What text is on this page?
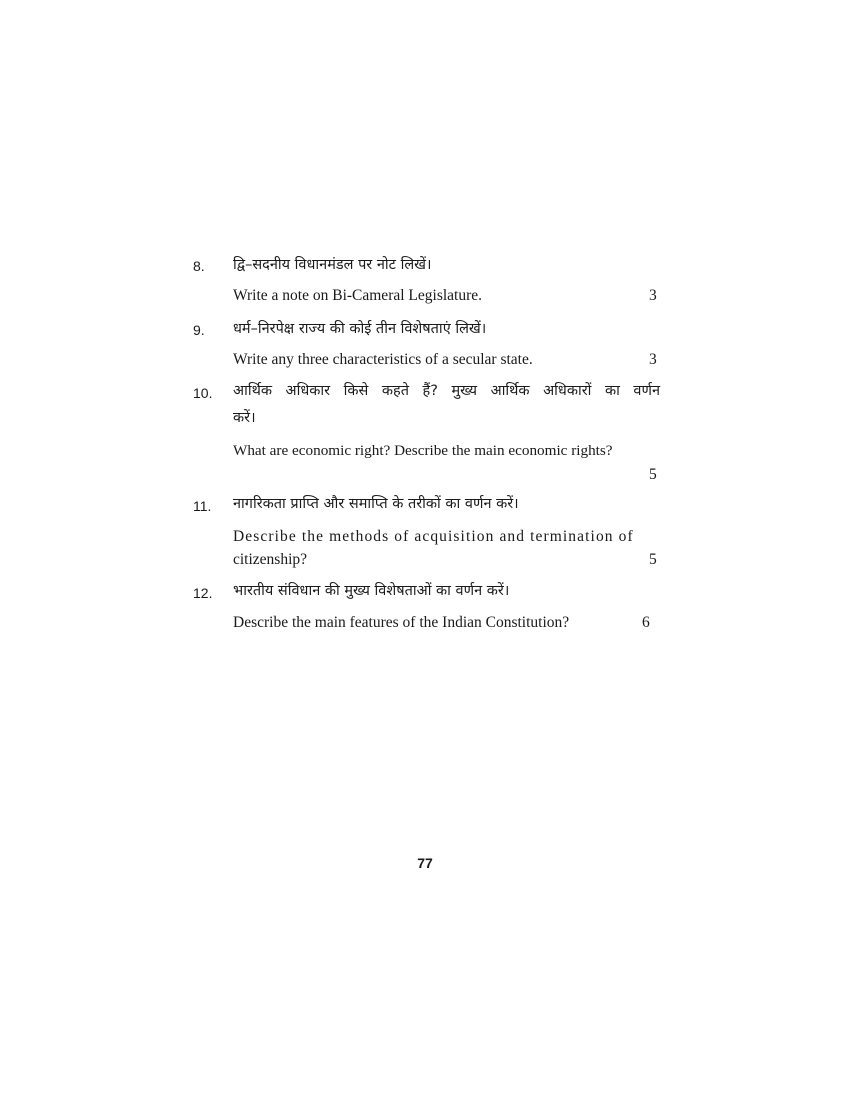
8. द्वि–सदनीय विधानमंडल पर नोट लिखें।
Write a note on Bi-Cameral Legislature.	3
9. धर्म–निरपेक्ष राज्य की कोई तीन विशेषताएं लिखें।
Write any three characteristics of a secular state.	3
10. आर्थिक अधिकार किसे कहते हैं? मुख्य आर्थिक अधिकारों का वर्णन
करें।
What are economic right? Describe the main economic rights?
5
11. नागरिकता प्राप्ति और समाप्ति के तरीकों का वर्णन करें।
Describe the methods of acquisition and termination of
citizenship?	5
12. भारतीय संविधान की मुख्य विशेषताओं का वर्णन करें।
Describe the main features of the Indian Constitution?	6
77
